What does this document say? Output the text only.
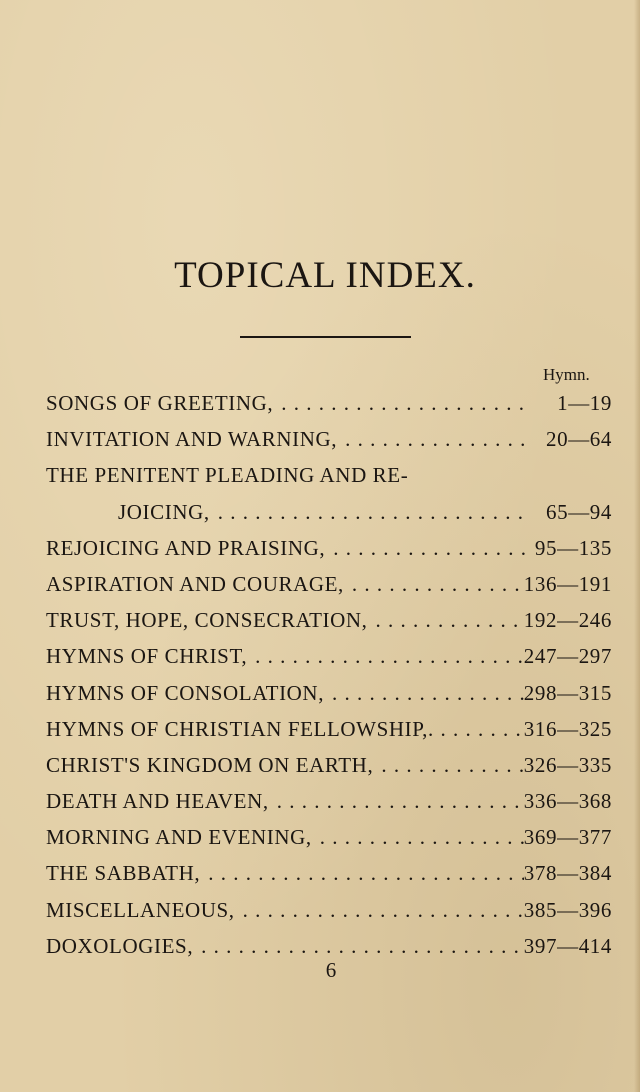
TOPICAL INDEX.
Hymn.
SONGS OF GREETING, . . .	1—19
INVITATION AND WARNING, . . .	20—64
THE PENITENT PLEADING AND RE-
JOICING, . . .	65—94
REJOICING AND PRAISING, . . .	95—135
ASPIRATION AND COURAGE, . . .	136—191
TRUST, HOPE, CONSECRATION, . . .	192—246
HYMNS OF CHRIST, . . .	247—297
HYMNS OF CONSOLATION, . . .	298—315
HYMNS OF CHRISTIAN FELLOWSHIP, . . .	316—325
CHRIST'S KINGDOM ON EARTH, . . .	326—335
DEATH AND HEAVEN, . . .	336—368
MORNING AND EVENING, . . .	369—377
THE SABBATH, . . .	378—384
MISCELLANEOUS, . . .	385—396
DOXOLOGIES, . . .	397—414
6
